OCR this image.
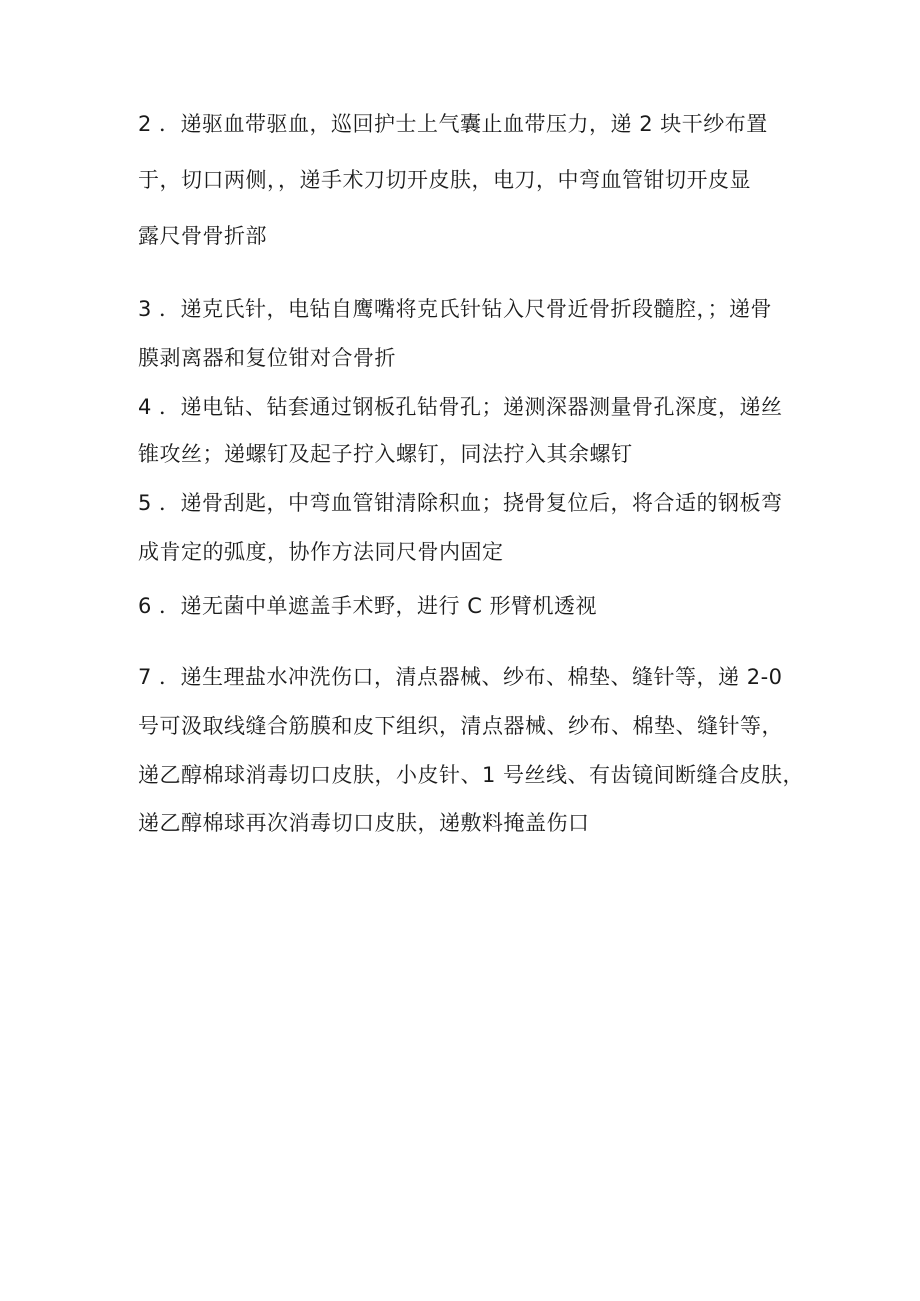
2 ．递驱血带驱血，巡回护士上气囊止血带压力，递 2 块干纱布置
于，切口两侧，，递手术刀切开皮肤，电刀，中弯血管钳切开皮显
露尺骨骨折部
3 ．递克氏针，电钻自鹰嘴将克氏针钻入尺骨近骨折段髓腔，；递骨
膜剥离器和复位钳对合骨折
4 ．递电钻、钻套通过钢板孔钻骨孔；递测深器测量骨孔深度，递丝
锥攻丝；递螺钉及起子拧入螺钉，同法拧入其余螺钉
5 ．递骨刮匙，中弯血管钳清除积血；挠骨复位后，将合适的钢板弯
成肯定的弧度，协作方法同尺骨内固定
6 ．递无菌中单遮盖手术野，进行 C 形臂机透视
7 ．递生理盐水冲洗伤口，清点器械、纱布、棉垫、缝针等，递 2-0
号可汲取线缝合筋膜和皮下组织，清点器械、纱布、棉垫、缝针等，
递乙醇棉球消毒切口皮肤，小皮针、1 号丝线、有齿镜间断缝合皮肤，
递乙醇棉球再次消毒切口皮肤，递敷料掩盖伤口
